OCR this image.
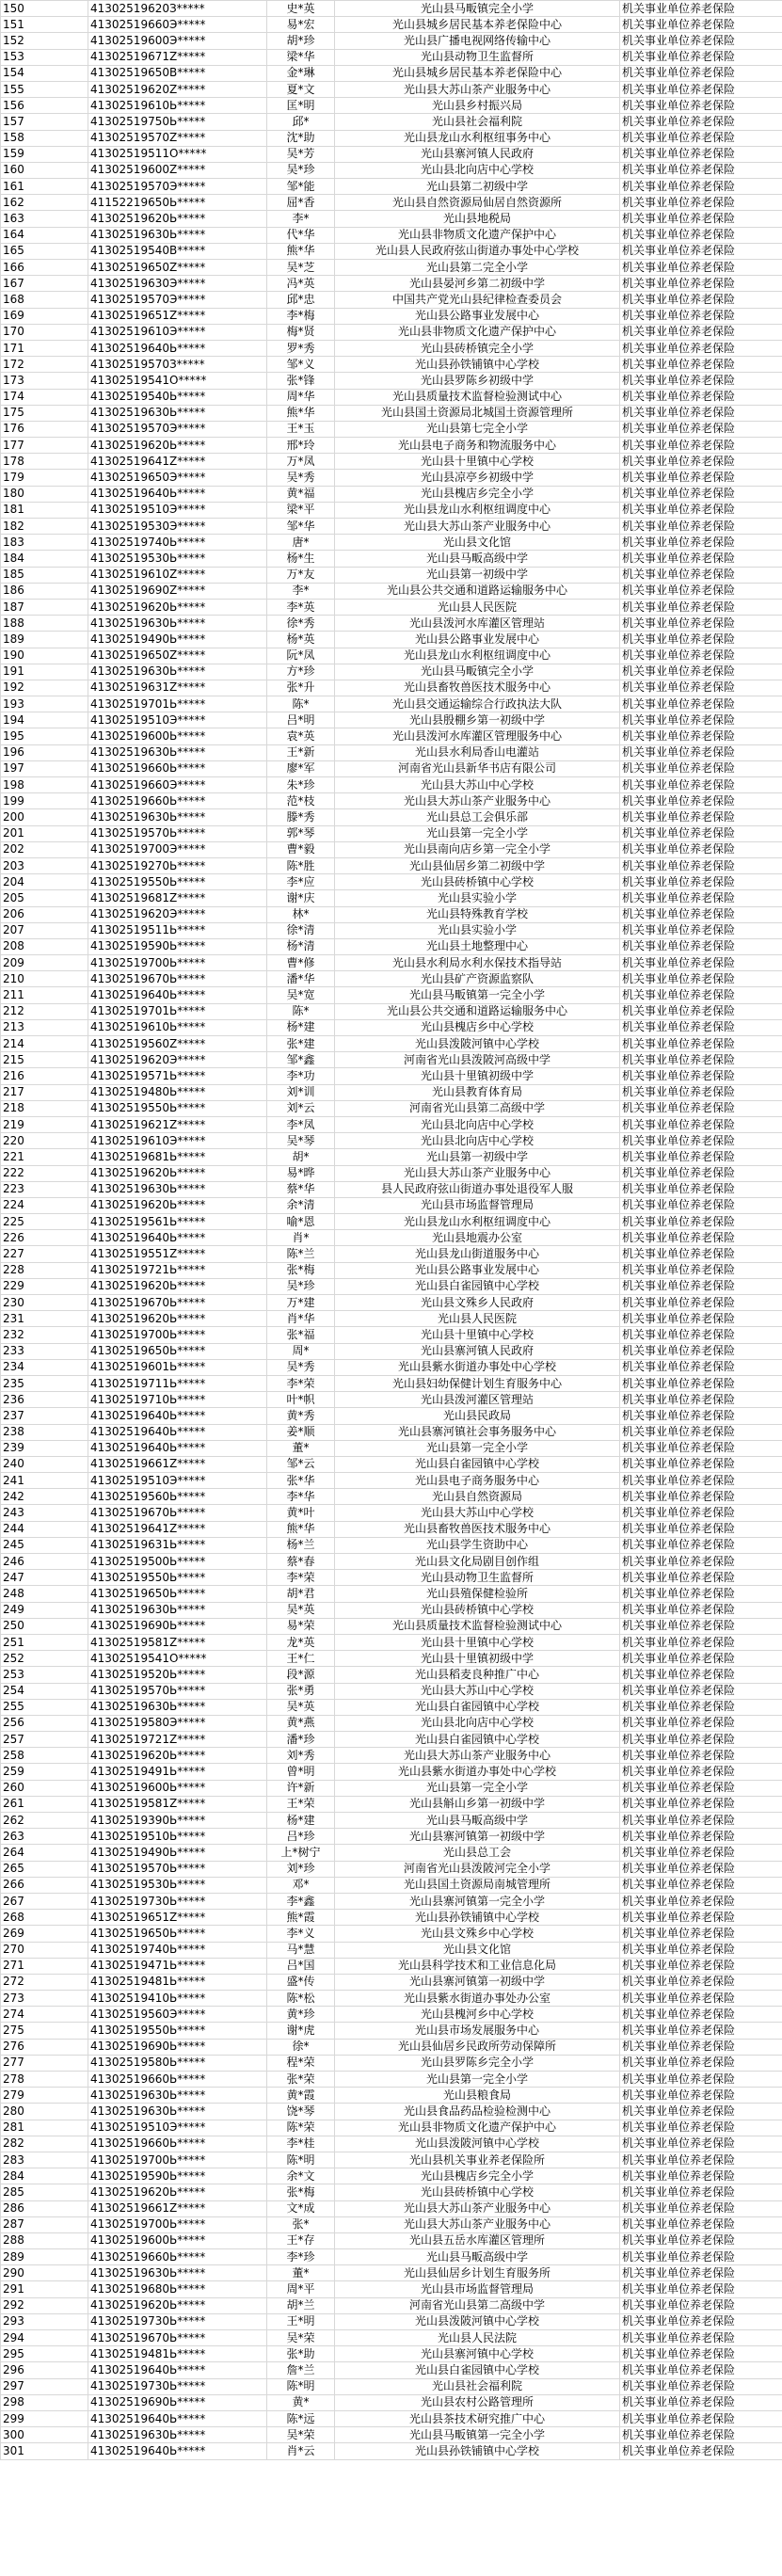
150	41302519620З*****	史*英	光山县马畈镇完全小学	机关事业单位养老保险
151	41302519660Э*****	易*宏	光山县城乡居民基本养老保险中心	机关事业单位养老保险
152	41302519600Э*****	胡*珍	光山县广播电视网络传输中心	机关事业单位养老保险
153	41302519671Z*****	梁*华	光山县动物卫生监督所	机关事业单位养老保险
154	41302519650В*****	金*琳	光山县城乡居民基本养老保险中心	机关事业单位养老保险
155	41302519620Z*****	夏*文	光山县大苏山茶产业服务中心	机关事业单位养老保险
156	41302519610Ь*****	匡*明	光山县乡村振兴局	机关事业单位养老保险
157	41302519750Ь*****	邱*	光山县社会福利院	机关事业单位养老保险
158	41302519570Z*****	沈*助	光山县龙山水利枢纽事务中心	机关事业单位养老保险
159	41302519511О*****	吴*芳	光山县寨河镇人民政府	机关事业单位养老保险
160	41302519600Z*****	吴*珍	光山县北向店中心学校	机关事业单位养老保险
161	41302519570Э*****	邹*能	光山县第二初级中学	机关事业单位养老保险
162	41152219650Ь*****	屈*香	光山县自然资源局仙居自然资源所	机关事业单位养老保险
163	41302519620Ь*****	李*	光山县地税局	机关事业单位养老保险
164	41302519630Ь*****	代*华	光山县非物质文化遗产保护中心	机关事业单位养老保险
165	41302519540В*****	熊*华	光山县人民政府弦山街道办事处中心学校	机关事业单位养老保险
166	41302519650Z*****	吴*芝	光山县第二完全小学	机关事业单位养老保险
167	41302519630Э*****	冯*英	光山县晏河乡第二初级中学	机关事业单位养老保险
168	41302519570Э*****	邱*忠	中国共产党光山县纪律检查委员会	机关事业单位养老保险
169	41302519651Z*****	李*梅	光山县公路事业发展中心	机关事业单位养老保险
170	41302519610Э*****	梅*贤	光山县非物质文化遗产保护中心	机关事业单位养老保险
171	41302519640Ь*****	罗*秀	光山县砖桥镇完全小学	机关事业单位养老保险
172	41302519570З*****	邹*义	光山县孙铁铺镇中心学校	机关事业单位养老保险
173	41302519541О*****	张*锋	光山县罗陈乡初级中学	机关事业单位养老保险
174	41302519540Ь*****	周*华	光山县质量技术监督检验测试中心	机关事业单位养老保险
175	41302519630Ь*****	熊*华	光山县国土资源局北城国土资源管理所	机关事业单位养老保险
176	41302519570Э*****	王*玉	光山县第七完全小学	机关事业单位养老保险
177	41302519620Ь*****	邢*玲	光山县电子商务和物流服务中心	机关事业单位养老保险
178	41302519641Z*****	万*凤	光山县十里镇中心学校	机关事业单位养老保险
179	41302519650Э*****	吴*秀	光山县凉亭乡初级中学	机关事业单位养老保险
180	41302519640Ь*****	黄*福	光山县槐店乡完全小学	机关事业单位养老保险
181	41302519510Э*****	梁*平	光山县龙山水利枢纽调度中心	机关事业单位养老保险
182	41302519530Э*****	邹*华	光山县大苏山茶产业服务中心	机关事业单位养老保险
183	41302519740Ь*****	唐*	光山县文化馆	机关事业单位养老保险
184	41302519530Ь*****	杨*生	光山县马畈高级中学	机关事业单位养老保险
185	41302519610Z*****	万*友	光山县第一初级中学	机关事业单位养老保险
186	41302519690Z*****	李*	光山县公共交通和道路运输服务中心	机关事业单位养老保险
187	41302519620Ь*****	李*英	光山县人民医院	机关事业单位养老保险
188	41302519630Ь*****	徐*秀	光山县泼河水库灌区管理站	机关事业单位养老保险
189	41302519490Ь*****	杨*英	光山县公路事业发展中心	机关事业单位养老保险
190	41302519650Z*****	阮*凤	光山县龙山水利枢纽调度中心	机关事业单位养老保险
191	41302519630Ь*****	方*珍	光山县马畈镇完全小学	机关事业单位养老保险
192	41302519631Z*****	张*升	光山县畜牧兽医技术服务中心	机关事业单位养老保险
193	41302519701Ь*****	陈*	光山县交通运输综合行政执法大队	机关事业单位养老保险
194	41302519510Э*****	吕*明	光山县殷棚乡第一初级中学	机关事业单位养老保险
195	41302519600Ь*****	袁*英	光山县泼河水库灌区管理服务中心	机关事业单位养老保险
196	41302519630Ь*****	王*新	光山县水利局香山电灌站	机关事业单位养老保险
197	41302519660Ь*****	廖*军	河南省光山县新华书店有限公司	机关事业单位养老保险
198	41302519660Э*****	朱*珍	光山县大苏山中心学校	机关事业单位养老保险
199	41302519660Ь*****	范*枝	光山县大苏山茶产业服务中心	机关事业单位养老保险
200	41302519630Ь*****	滕*秀	光山县总工会俱乐部	机关事业单位养老保险
201	41302519570Ь*****	郭*琴	光山县第一完全小学	机关事业单位养老保险
202	41302519700Э*****	曹*毅	光山县南向店乡第一完全小学	机关事业单位养老保险
203	41302519270Ь*****	陈*胜	光山县仙居乡第二初级中学	机关事业单位养老保险
204	41302519550Ь*****	李*应	光山县砖桥镇中心学校	机关事业单位养老保险
205	41302519681Z*****	谢*庆	光山县实验小学	机关事业单位养老保险
206	41302519620Э*****	林*	光山县特殊教育学校	机关事业单位养老保险
207	41302519511Ь*****	徐*清	光山县实验小学	机关事业单位养老保险
208	41302519590Ь*****	杨*清	光山县土地整理中心	机关事业单位养老保险
209	41302519700Ь*****	曹*修	光山县水利局水利水保技术指导站	机关事业单位养老保险
210	41302519670Ь*****	潘*华	光山县矿产资源监察队	机关事业单位养老保险
211	41302519640Ь*****	吴*宽	光山县马畈镇第一完全小学	机关事业单位养老保险
212	41302519701Ь*****	陈*	光山县公共交通和道路运输服务中心	机关事业单位养老保险
213	41302519610Ь*****	杨*建	光山县槐店乡中心学校	机关事业单位养老保险
214	41302519560Z*****	张*建	光山县泼陂河镇中心学校	机关事业单位养老保险
215	41302519620Э*****	邹*鑫	河南省光山县泼陂河高级中学	机关事业单位养老保险
216	41302519571Ь*****	李*功	光山县十里镇初级中学	机关事业单位养老保险
217	41302519480Ь*****	刘*训	光山县教育体育局	机关事业单位养老保险
218	41302519550Ь*****	刘*云	河南省光山县第二高级中学	机关事业单位养老保险
219	41302519621Z*****	李*凤	光山县北向店中心学校	机关事业单位养老保险
220	41302519610Э*****	吴*琴	光山县北向店中心学校	机关事业单位养老保险
221	41302519681Ь*****	胡*	光山县第一初级中学	机关事业单位养老保险
222	41302519620Ь*****	易*晔	光山县大苏山茶产业服务中心	机关事业单位养老保险
223	41302519630Ь*****	蔡*华	县人民政府弦山街道办事处退役军人服	机关事业单位养老保险
224	41302519620Ь*****	余*清	光山县市场监督管理局	机关事业单位养老保险
225	41302519561Ь*****	喻*恩	光山县龙山水利枢纽调度中心	机关事业单位养老保险
226	41302519640Ь*****	肖*	光山县地震办公室	机关事业单位养老保险
227	41302519551Z*****	陈*兰	光山县龙山街道服务中心	机关事业单位养老保险
228	41302519721Ь*****	张*梅	光山县公路事业发展中心	机关事业单位养老保险
229	41302519620Ь*****	吴*珍	光山县白雀园镇中心学校	机关事业单位养老保险
230	41302519670Ь*****	万*建	光山县文殊乡人民政府	机关事业单位养老保险
231	41302519620Ь*****	肖*华	光山县人民医院	机关事业单位养老保险
232	41302519700Ь*****	张*福	光山县十里镇中心学校	机关事业单位养老保险
233	41302519650Ь*****	周*	光山县寨河镇人民政府	机关事业单位养老保险
234	41302519601Ь*****	吴*秀	光山县紫水街道办事处中心学校	机关事业单位养老保险
235	41302519711Ь*****	李*荣	光山县妇幼保健计划生育服务中心	机关事业单位养老保险
236	41302519710Ь*****	叶*帜	光山县泼河灌区管理站	机关事业单位养老保险
237	41302519640Ь*****	黄*秀	光山县民政局	机关事业单位养老保险
238	41302519640Ь*****	姜*顺	光山县寨河镇社会事务服务中心	机关事业单位养老保险
239	41302519640Ь*****	董*	光山县第一完全小学	机关事业单位养老保险
240	41302519661Z*****	邹*云	光山县白雀园镇中心学校	机关事业单位养老保险
241	41302519510Э*****	张*华	光山县电子商务服务中心	机关事业单位养老保险
242	41302519560Ь*****	李*华	光山县自然资源局	机关事业单位养老保险
243	41302519670Ь*****	黄*叶	光山县大苏山中心学校	机关事业单位养老保险
244	41302519641Z*****	熊*华	光山县畜牧兽医技术服务中心	机关事业单位养老保险
245	41302519631Ь*****	杨*兰	光山县学生资助中心	机关事业单位养老保险
246	41302519500Ь*****	蔡*春	光山县文化局剧目创作组	机关事业单位养老保险
247	41302519550Ь*****	李*荣	光山县动物卫生监督所	机关事业单位养老保险
248	41302519650Ь*****	胡*君	光山县殖保健检验所	机关事业单位养老保险
249	41302519630Ь*****	吴*英	光山县砖桥镇中心学校	机关事业单位养老保险
250	41302519690Ь*****	易*荣	光山县质量技术监督检验测试中心	机关事业单位养老保险
251	41302519581Z*****	龙*英	光山县十里镇中心学校	机关事业单位养老保险
252	41302519541О*****	王*仁	光山县十里镇初级中学	机关事业单位养老保险
253	41302519520Ь*****	段*源	光山县稻麦良种推广中心	机关事业单位养老保险
254	41302519570Ь*****	张*勇	光山县大苏山中心学校	机关事业单位养老保险
255	41302519630Ь*****	吴*英	光山县白雀园镇中心学校	机关事业单位养老保险
256	41302519580Э*****	黄*燕	光山县北向店中心学校	机关事业单位养老保险
257	41302519721Z*****	潘*珍	光山县白雀园镇中心学校	机关事业单位养老保险
258	41302519620Ь*****	刘*秀	光山县大苏山茶产业服务中心	机关事业单位养老保险
259	41302519491Ь*****	曾*明	光山县紫水街道办事处中心学校	机关事业单位养老保险
260	41302519600Ь*****	许*新	光山县第一完全小学	机关事业单位养老保险
261	41302519581Z*****	王*荣	光山县斛山乡第一初级中学	机关事业单位养老保险
262	41302519390Ь*****	杨*建	光山县马畈高级中学	机关事业单位养老保险
263	41302519510Ь*****	吕*珍	光山县寨河镇第一初级中学	机关事业单位养老保险
264	41302519490Ь*****	上*树宁	光山县总工会	机关事业单位养老保险
265	41302519570Ь*****	刘*珍	河南省光山县泼陂河完全小学	机关事业单位养老保险
266	41302519530Ь*****	邓*	光山县国土资源局南城管理所	机关事业单位养老保险
267	41302519730Ь*****	李*鑫	光山县寨河镇第一完全小学	机关事业单位养老保险
268	41302519651Z*****	熊*霞	光山县孙铁铺镇中心学校	机关事业单位养老保险
269	41302519650Ь*****	李*义	光山县文殊乡中心学校	机关事业单位养老保险
270	41302519740Ь*****	马*慧	光山县文化馆	机关事业单位养老保险
271	41302519471Ь*****	吕*国	光山县科学技术和工业信息化局	机关事业单位养老保险
272	41302519481Ь*****	盛*传	光山县寨河镇第一初级中学	机关事业单位养老保险
273	41302519410Ь*****	陈*松	光山县紫水街道办事处办公室	机关事业单位养老保险
274	41302519560Э*****	黄*珍	光山县槐河乡中心学校	机关事业单位养老保险
275	41302519550Ь*****	谢*虎	光山县市场发展服务中心	机关事业单位养老保险
276	41302519690Ь*****	徐*	光山县仙居乡民政所劳动保障所	机关事业单位养老保险
277	41302519580Ь*****	程*荣	光山县罗陈乡完全小学	机关事业单位养老保险
278	41302519660Ь*****	张*荣	光山县第一完全小学	机关事业单位养老保险
279	41302519630Ь*****	黄*霞	光山县粮食局	机关事业单位养老保险
280	41302519630Ь*****	饶*琴	光山县食品药品检验检测中心	机关事业单位养老保险
281	41302519510Э*****	陈*荣	光山县非物质文化遗产保护中心	机关事业单位养老保险
282	41302519660Ь*****	李*桂	光山县泼陂河镇中心学校	机关事业单位养老保险
283	41302519700Ь*****	陈*明	光山县机关事业养老保险所	机关事业单位养老保险
284	41302519590Ь*****	余*文	光山县槐店乡完全小学	机关事业单位养老保险
285	41302519620Ь*****	张*梅	光山县砖桥镇中心学校	机关事业单位养老保险
286	41302519661Z*****	文*成	光山县大苏山茶产业服务中心	机关事业单位养老保险
287	41302519700Ь*****	张*	光山县大苏山茶产业服务中心	机关事业单位养老保险
288	41302519600Ь*****	王*存	光山县五岳水库灌区管理所	机关事业单位养老保险
289	41302519660Ь*****	李*珍	光山县马畈高级中学	机关事业单位养老保险
290	41302519630Ь*****	董*	光山县仙居乡计划生育服务所	机关事业单位养老保险
291	41302519680Ь*****	周*平	光山县市场监督管理局	机关事业单位养老保险
292	41302519620Ь*****	胡*兰	河南省光山县第二高级中学	机关事业单位养老保险
293	41302519730Ь*****	王*明	光山县泼陂河镇中心学校	机关事业单位养老保险
294	41302519670Ь*****	吴*荣	光山县人民法院	机关事业单位养老保险
295	41302519481Ь*****	张*助	光山县寨河镇中心学校	机关事业单位养老保险
296	41302519640Ь*****	詹*兰	光山县白雀园镇中心学校	机关事业单位养老保险
297	41302519730Ь*****	陈*明	光山县社会福利院	机关事业单位养老保险
298	41302519690Ь*****	黄*	光山县农村公路管理所	机关事业单位养老保险
299	41302519640Ь*****	陈*远	光山县茶技术研究推广中心	机关事业单位养老保险
300	41302519630Ь*****	吴*荣	光山县马畈镇第一完全小学	机关事业单位养老保险
301	41302519640Ь*****	肖*云	光山县孙铁铺镇中心学校	机关事业单位养老保险
